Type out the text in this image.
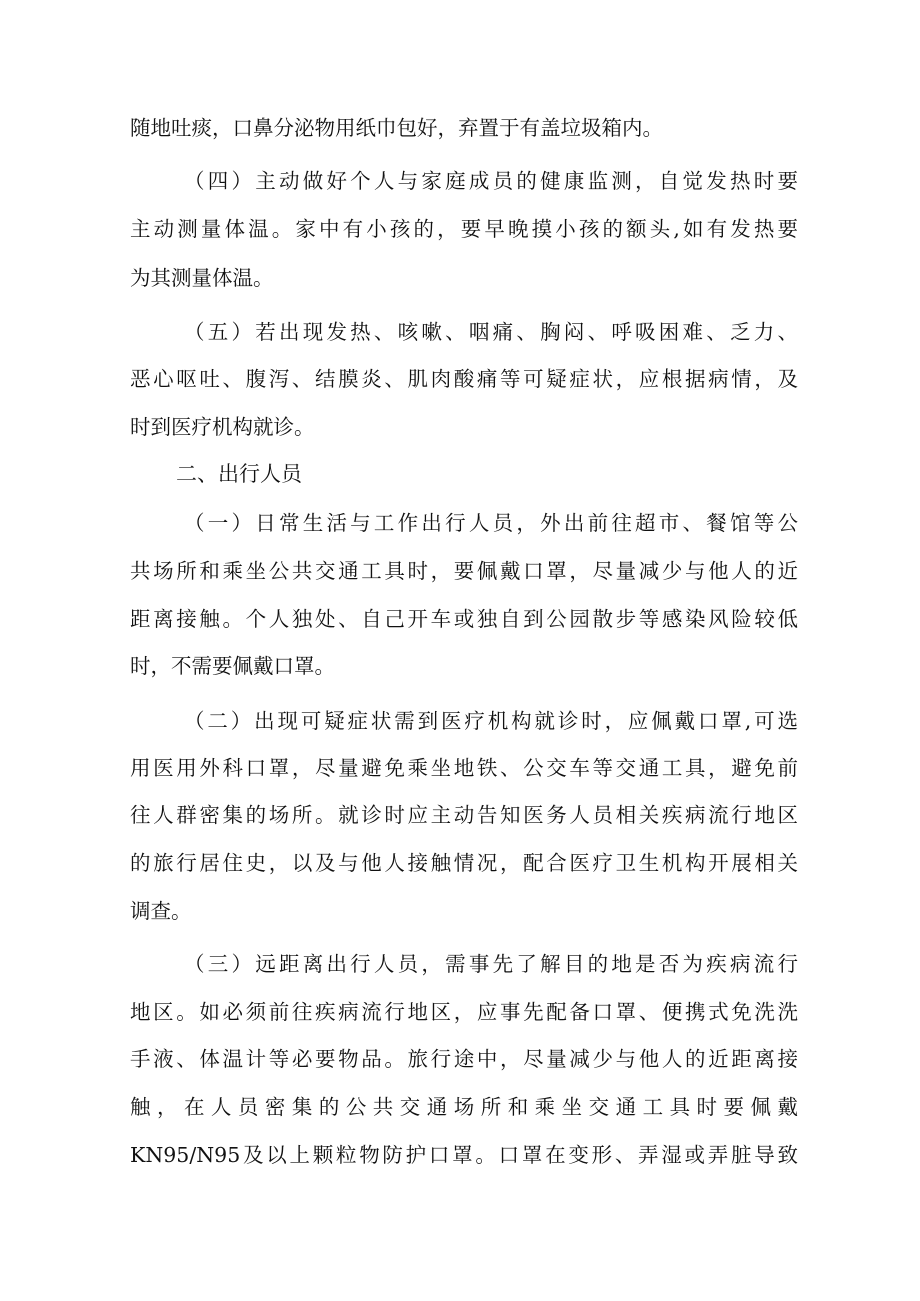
随地吐痰，口鼻分泌物用纸巾包好，弃置于有盖垃圾箱内。
（四）主动做好个人与家庭成员的健康监测，自觉发热时要
主动测量体温。家中有小孩的，要早晚摸小孩的额头,如有发热要
为其测量体温。
（五）若出现发热、咳嗽、咽痛、胸闷、呼吸困难、乏力、
恶心呕吐、腹泻、结膜炎、肌肉酸痛等可疑症状，应根据病情，及
时到医疗机构就诊。
二、出行人员
（一）日常生活与工作出行人员，外出前往超市、餐馆等公
共场所和乘坐公共交通工具时，要佩戴口罩，尽量减少与他人的近
距离接触。个人独处、自己开车或独自到公园散步等感染风险较低
时，不需要佩戴口罩。
（二）出现可疑症状需到医疗机构就诊时，应佩戴口罩,可选
用医用外科口罩，尽量避免乘坐地铁、公交车等交通工具，避免前
往人群密集的场所。就诊时应主动告知医务人员相关疾病流行地区
的旅行居住史，以及与他人接触情况，配合医疗卫生机构开展相关
调查。
（三）远距离出行人员，需事先了解目的地是否为疾病流行
地区。如必须前往疾病流行地区，应事先配备口罩、便携式免洗洗
手液、体温计等必要物品。旅行途中，尽量减少与他人的近距离接
触，在人员密集的公共交通场所和乘坐交通工具时要佩戴
KN95/N95及以上颗粒物防护口罩。口罩在变形、弄湿或弄脏导致
